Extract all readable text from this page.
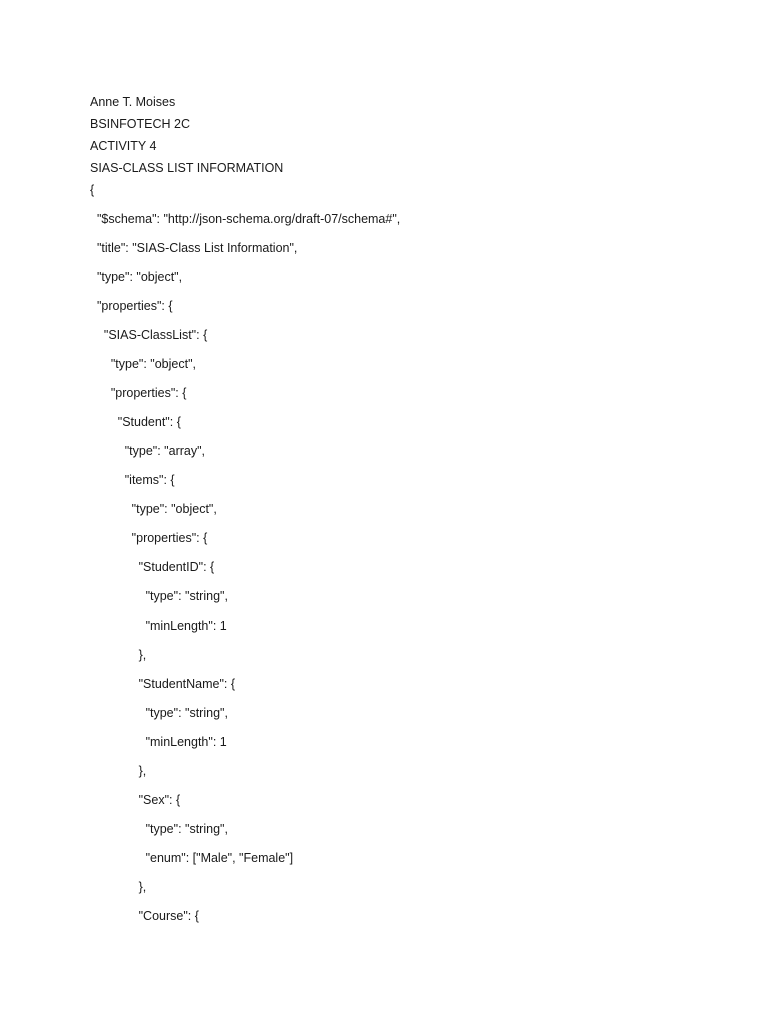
Anne T. Moises
BSINFOTECH 2C
ACTIVITY 4
SIAS-CLASS LIST INFORMATION
{
"$schema": "http://json-schema.org/draft-07/schema#",
"title": "SIAS-Class List Information",
"type": "object",
"properties": {
"SIAS-ClassList": {
"type": "object",
"properties": {
"Student": {
"type": "array",
"items": {
"type": "object",
"properties": {
"StudentID": {
"type": "string",
"minLength": 1
},
"StudentName": {
"type": "string",
"minLength": 1
},
"Sex": {
"type": "string",
"enum": ["Male", "Female"]
},
"Course": {
